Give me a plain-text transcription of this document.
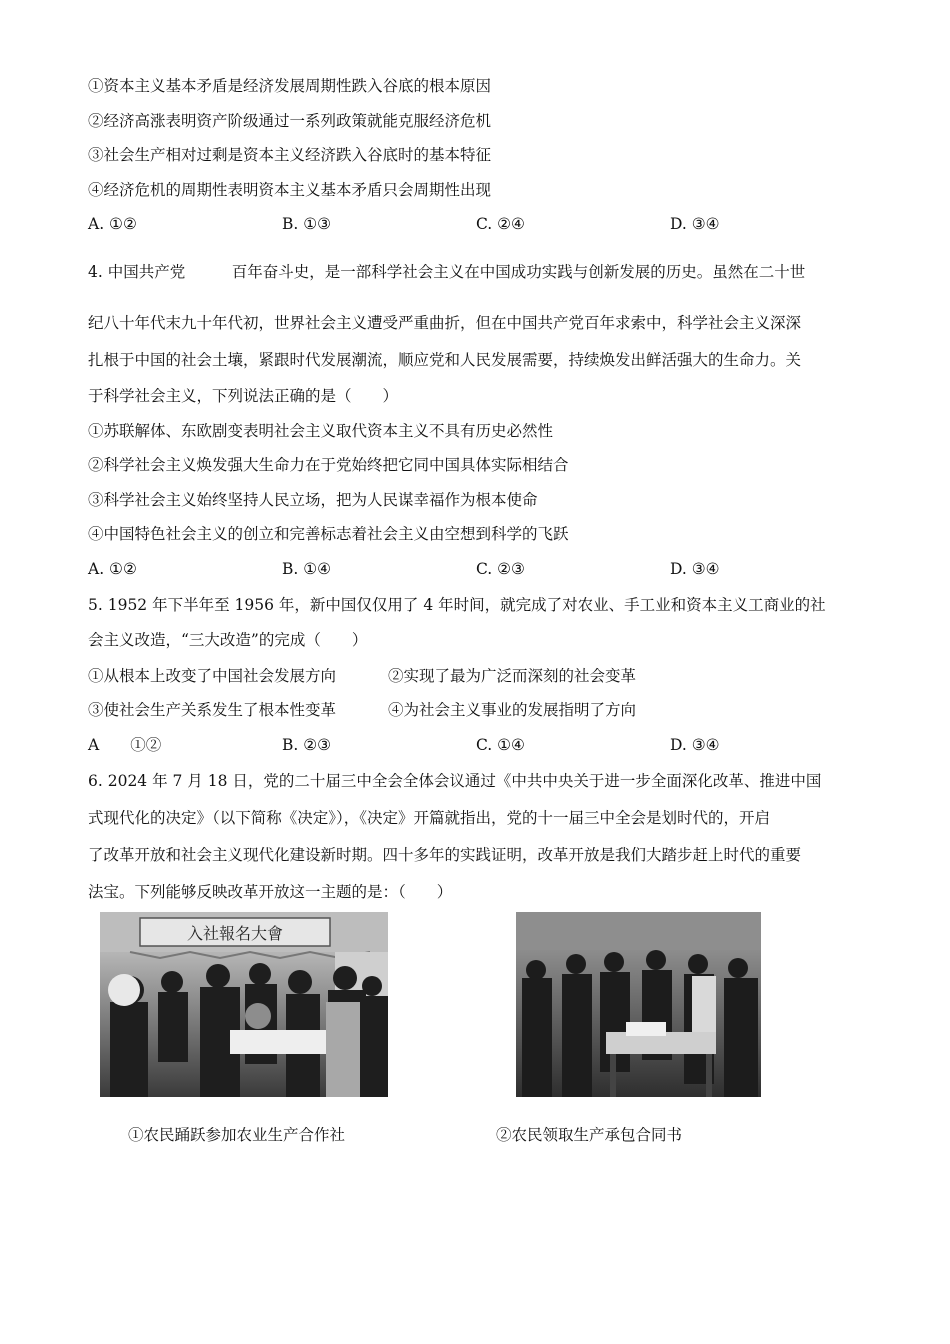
①资本主义基本矛盾是经济发展周期性跌入谷底的根本原因
②经济高涨表明资产阶级通过一系列政策就能克服经济危机
③社会生产相对过剩是资本主义经济跌入谷底时的基本特征
④经济危机的周期性表明资本主义基本矛盾只会周期性出现
A. ①②	B. ①③	C. ②④	D. ③④
4. 中国共产党　　　百年奋斗史，是一部科学社会主义在中国成功实践与创新发展的历史。虽然在二十世
纪八十年代末九十年代初，世界社会主义遭受严重曲折，但在中国共产党百年求索中，科学社会主义深深
扎根于中国的社会土壤，紧跟时代发展潮流，顺应党和人民发展需要，持续焕发出鲜活强大的生命力。关
于科学社会主义，下列说法正确的是（　　）
①苏联解体、东欧剧变表明社会主义取代资本主义不具有历史必然性
②科学社会主义焕发强大生命力在于党始终把它同中国具体实际相结合
③科学社会主义始终坚持人民立场，把为人民谋幸福作为根本使命
④中国特色社会主义的创立和完善标志着社会主义由空想到科学的飞跃
A. ①②	B. ①④	C. ②③	D. ③④
5. 1952 年下半年至 1956 年，新中国仅仅用了 4 年时间，就完成了对农业、手工业和资本主义工商业的社
会主义改造，“三大改造”的完成（　　）
①从根本上改变了中国社会发展方向	②实现了最为广泛而深刻的社会变革
③使社会生产关系发生了根本性变革	④为社会主义事业的发展指明了方向
A　　①②	B. ②③	C. ①④	D. ③④
6. 2024 年 7 月 18 日，党的二十届三中全会全体会议通过《中共中央关于进一步全面深化改革、推进中国
式现代化的决定》（以下简称《决定》），《决定》开篇就指出，党的十一届三中全会是划时代的，开启
了改革开放和社会主义现代化建设新时期。四十多年的实践证明，改革开放是我们大踏步赶上时代的重要
法宝。下列能够反映改革开放这一主题的是：（　　）
入社報名大會
①农民踊跃参加农业生产合作社	②农民领取生产承包合同书
